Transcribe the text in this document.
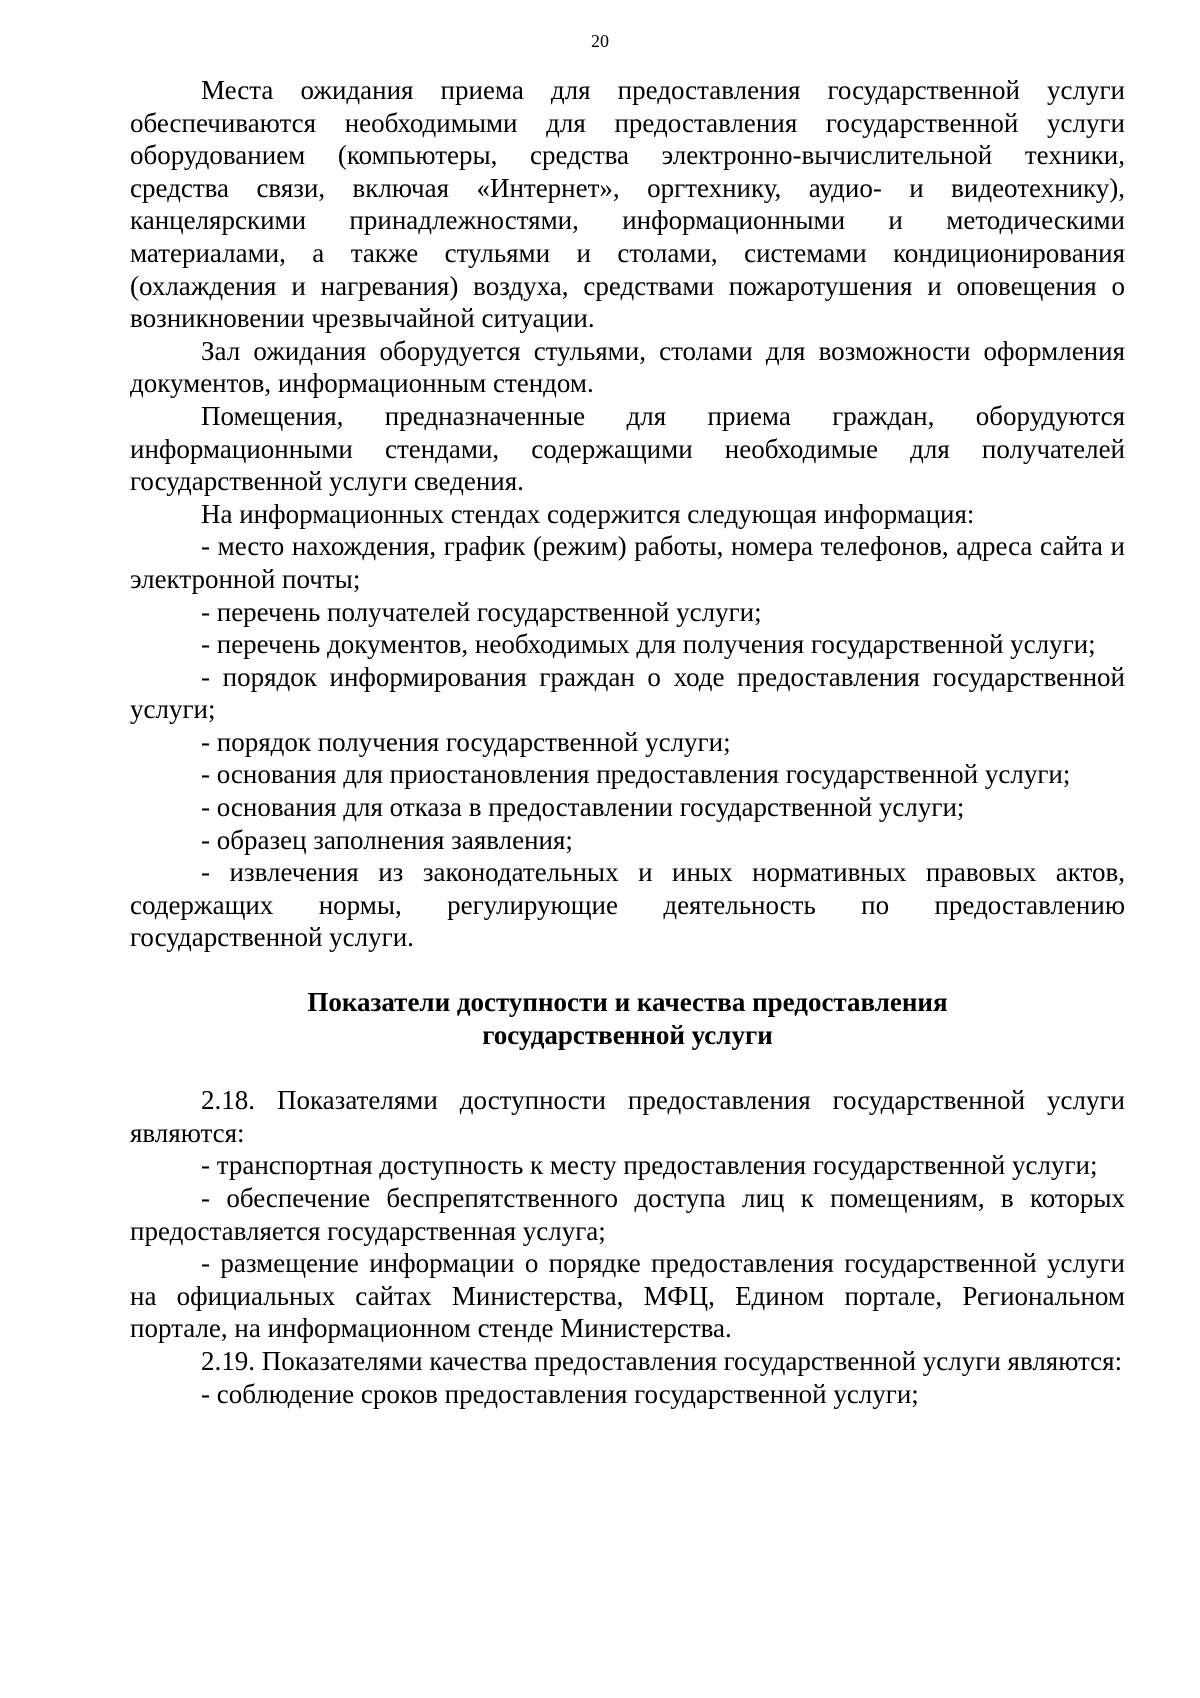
20

Места ожидания приема для предоставления государственной услуги обеспечиваются необходимыми для предоставления государственной услуги оборудованием (компьютеры, средства электронно-вычислительной техники, средства связи, включая «Интернет», оргтехнику, аудио- и видеотехнику), канцелярскими принадлежностями, информационными и методическими материалами, а также стульями и столами, системами кондиционирования (охлаждения и нагревания) воздуха, средствами пожаротушения и оповещения о возникновении чрезвычайной ситуации.

Зал ожидания оборудуется стульями, столами для возможности оформления документов, информационным стендом.

Помещения, предназначенные для приема граждан, оборудуются информационными стендами, содержащими необходимые для получателей государственной услуги сведения.

На информационных стендах содержится следующая информация:

- место нахождения, график (режим) работы, номера телефонов, адреса сайта и электронной почты;

- перечень получателей государственной услуги;

- перечень документов, необходимых для получения государственной услуги;

- порядок информирования граждан о ходе предоставления государственной услуги;

- порядок получения государственной услуги;

- основания для приостановления предоставления государственной услуги;

- основания для отказа в предоставлении государственной услуги;

- образец заполнения заявления;

- извлечения из законодательных и иных нормативных правовых актов, содержащих нормы, регулирующие деятельность по предоставлению государственной услуги.

Показатели доступности и качества предоставления
государственной услуги

2.18. Показателями доступности предоставления государственной услуги являются:

- транспортная доступность к месту предоставления государственной услуги;

- обеспечение беспрепятственного доступа лиц к помещениям, в которых предоставляется государственная услуга;

- размещение информации о порядке предоставления государственной услуги на официальных сайтах Министерства, МФЦ, Едином портале, Региональном портале, на информационном стенде Министерства.

2.19. Показателями качества предоставления государственной услуги являются:

- соблюдение сроков предоставления государственной услуги;
